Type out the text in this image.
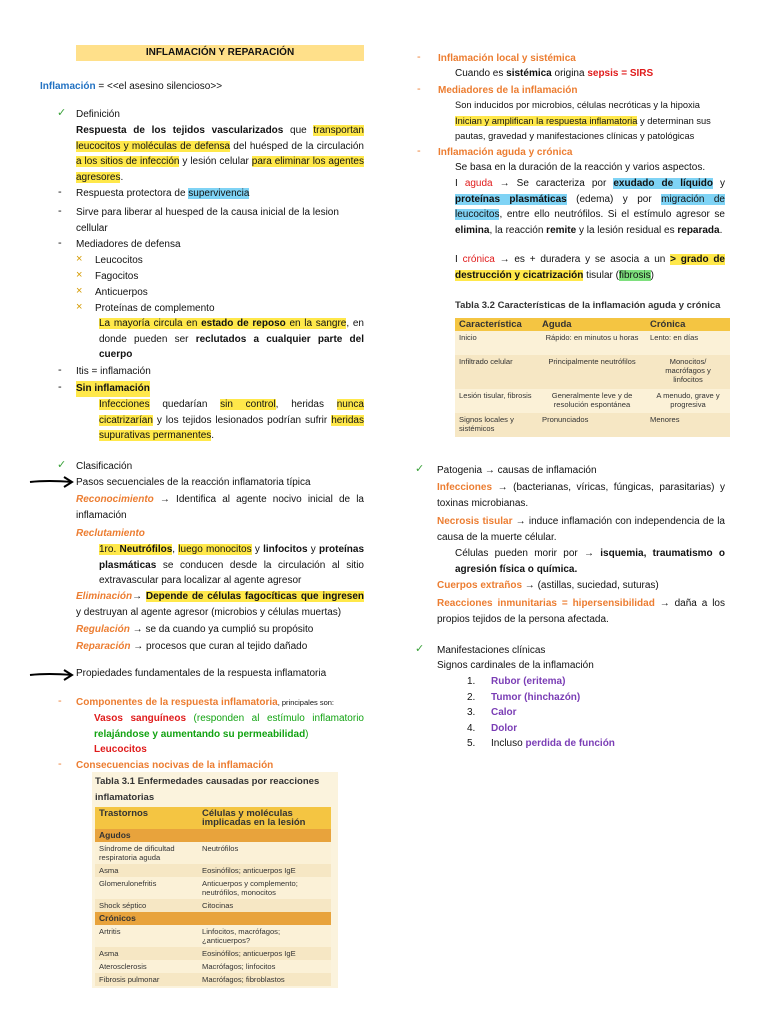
INFLAMACIÓN Y REPARACIÓN
Inflamación = <<el asesino silencioso>>
✓ Definición
Respuesta de los tejidos vascularizados que transportan leucocitos y moléculas de defensa del huésped de la circulación a los sitios de infección y lesión celular para eliminar los agentes agresores.
- Respuesta protectora de supervivencia
- Sirve para liberar al huesped de la causa inicial de la lesion cellular
- Mediadores de defensa
× Leucocitos
× Fagocitos
× Anticuerpos
× Proteínas de complemento
La mayoría circula en estado de reposo en la sangre, en donde pueden ser reclutados a cualquier parte del cuerpo
- Itis = inflamación
- Sin inflamación
Infecciones quedarían sin control, heridas nunca cicatrizarían y los tejidos lesionados podrían sufrir heridas supurativas permanentes.
✓ Clasificación
Pasos secuenciales de la reacción inflamatoria típica
Reconocimiento → Identifica al agente nocivo inicial de la inflamación
Reclutamiento
1ro. Neutrófilos, luego monocitos y linfocitos y proteínas plasmáticas se conducen desde la circulación al sitio extravascular para localizar al agente agresor
Eliminación→ Depende de células fagocíticas que ingresen y destruyan al agente agresor (microbios y células muertas)
Regulación → se da cuando ya cumplió su propósito
Reparación → procesos que curan al tejido dañado
Propiedades fundamentales de la respuesta inflamatoria
- Componentes de la respuesta inflamatoria, principales son:
Vasos sanguíneos (responden al estímulo inflamatorio relajándose y aumentando su permeabilidad)
Leucocitos
- Consecuencias nocivas de la inflamación
Tabla 3.1 Enfermedades causadas por reacciones
inflamatorias
Trastornos	Células y moléculas implicadas en la lesión
Agudos	
Síndrome de dificultad respiratoria aguda	Neutrófilos
Asma	Eosinófilos; anticuerpos IgE
Glomerulonefritis	Anticuerpos y complemento; neutrófilos, monocitos
Shock séptico	Citocinas
Crónicos	
Artritis	Linfocitos, macrófagos; ¿anticuerpos?
Asma	Eosinófilos; anticuerpos IgE
Aterosclerosis	Macrófagos; linfocitos
Fibrosis pulmonar	Macrófagos; fibroblastos
- Inflamación local y sistémica
Cuando es sistémica origina sepsis = SIRS
- Mediadores de la inflamación
Son inducidos por microbios, células necróticas y la hipoxia
Inician y amplifican la respuesta inflamatoria y determinan sus pautas, gravedad y manifestaciones clínicas y patológicas
- Inflamación aguda y crónica
Se basa en la duración de la reacción y varios aspectos.
I aguda → Se caracteriza por exudado de líquido y proteínas plasmáticas (edema) y por migración de leucocitos, entre ello neutrófilos. Si el estímulo agresor se elimina, la reacción remite y la lesión residual es reparada.
I crónica → es + duradera y se asocia a un > grado de destrucción y cicatrización tisular (fibrosis)
Tabla 3.2 Características de la inflamación aguda y crónica
Característica	Aguda	Crónica
Inicio	Rápido: en minutos u horas	Lento: en días
Infiltrado celular	Principalmente neutrófilos	Monocitos/ macrófagos y linfocitos
Lesión tisular, fibrosis	Generalmente leve y de resolución espontánea	A menudo, grave y progresiva
Signos locales y sistémicos	Pronunciados	Menores
✓ Patogenia → causas de inflamación
Infecciones → (bacterianas, víricas, fúngicas, parasitarias) y toxinas microbianas.
Necrosis tisular → induce inflamación con independencia de la causa de la muerte célular.
Células pueden morir por → isquemia, traumatismo o agresión física o química.
Cuerpos extraños → (astillas, suciedad, suturas)
Reacciones inmunitarias = hipersensibilidad → daña a los propios tejidos de la persona afectada.
✓ Manifestaciones clínicas
Signos cardinales de la inflamación
1. Rubor (eritema)
2. Tumor (hinchazón)
3. Calor
4. Dolor
5. Incluso perdida de función
